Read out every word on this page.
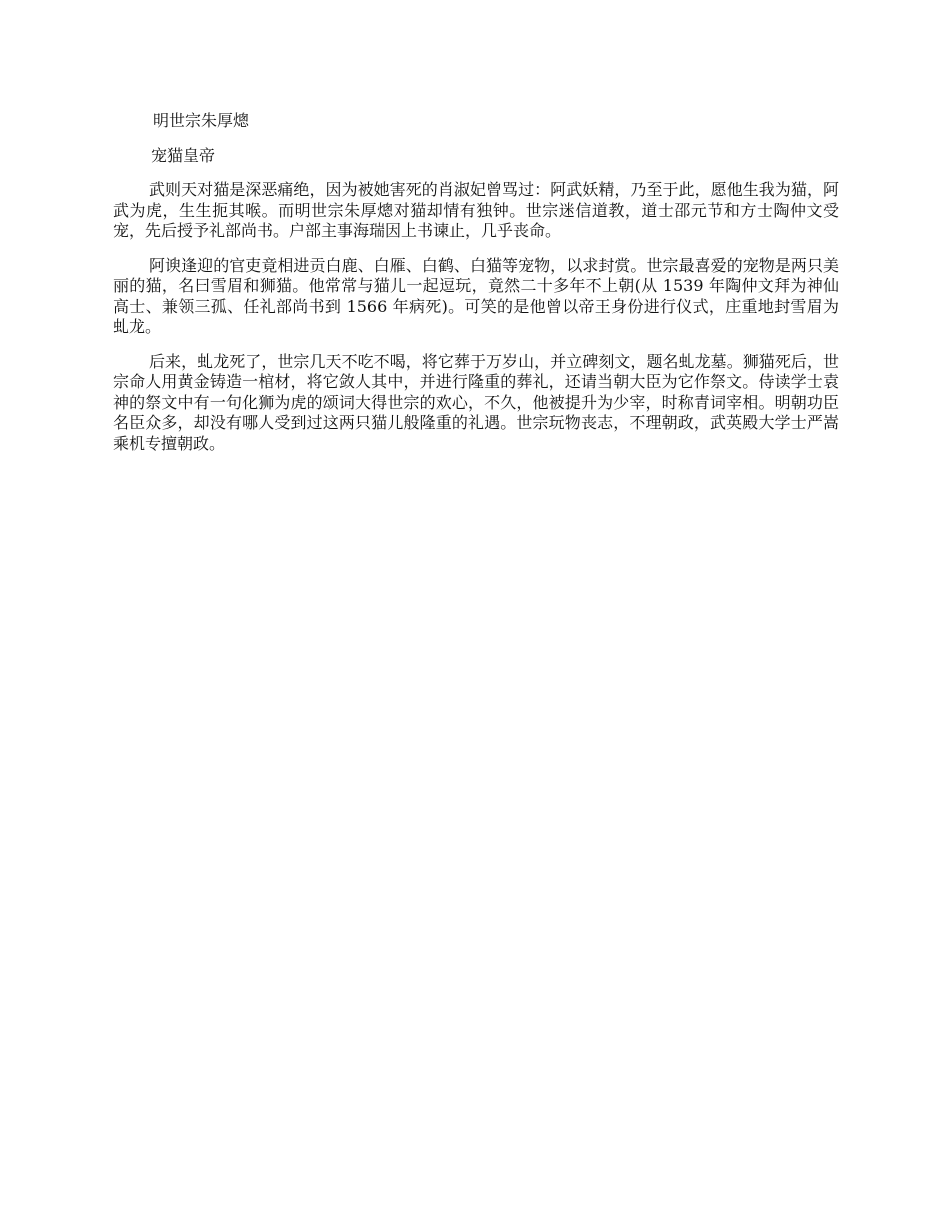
明世宗朱厚熜

宠猫皇帝

武则天对猫是深恶痛绝，因为被她害死的肖淑妃曾骂过：阿武妖精，乃至于此，愿他生我为猫，阿武为虎，生生扼其喉。而明世宗朱厚熜对猫却情有独钟。世宗迷信道教，道士邵元节和方士陶仲文受宠，先后授予礼部尚书。户部主事海瑞因上书谏止，几乎丧命。

阿谀逢迎的官吏竟相进贡白鹿、白雁、白鹤、白猫等宠物，以求封赏。世宗最喜爱的宠物是两只美丽的猫，名曰雪眉和狮猫。他常常与猫儿一起逗玩，竟然二十多年不上朝(从 1539 年陶仲文拜为神仙高士、兼领三孤、任礼部尚书到 1566 年病死)。可笑的是他曾以帝王身份进行仪式，庄重地封雪眉为虬龙。

后来，虬龙死了，世宗几天不吃不喝，将它葬于万岁山，并立碑刻文，题名虬龙墓。狮猫死后，世宗命人用黄金铸造一棺材，将它敛人其中，并进行隆重的葬礼，还请当朝大臣为它作祭文。侍读学士袁神的祭文中有一句化狮为虎的颂词大得世宗的欢心，不久，他被提升为少宰，时称青词宰相。明朝功臣名臣众多，却没有哪人受到过这两只猫儿般隆重的礼遇。世宗玩物丧志，不理朝政，武英殿大学士严嵩乘机专擅朝政。
